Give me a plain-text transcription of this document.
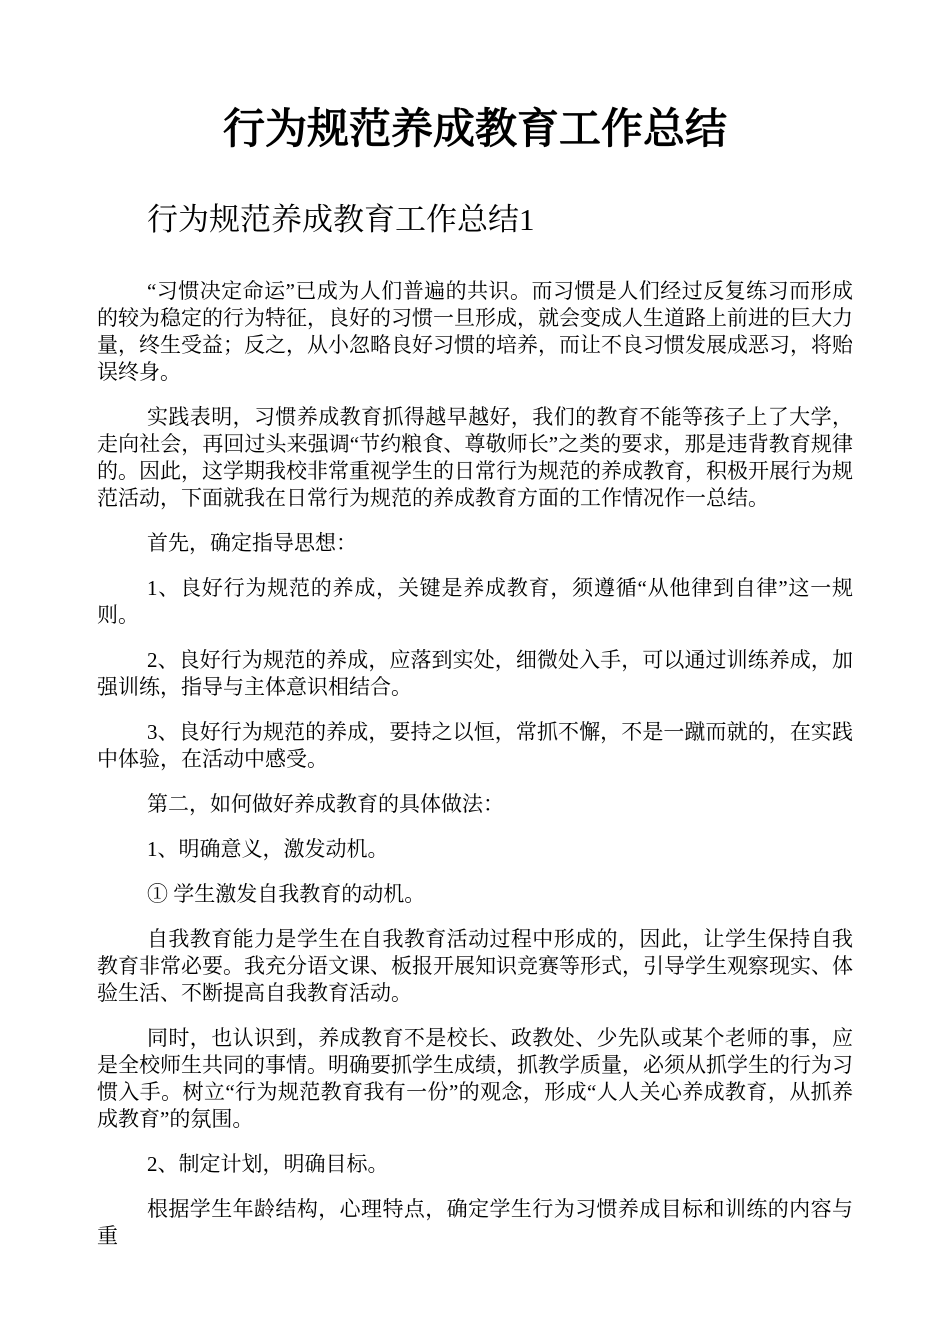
行为规范养成教育工作总结
行为规范养成教育工作总结1

“习惯决定命运”已成为人们普遍的共识。而习惯是人们经过反复练习而形成的较为稳定的行为特征，良好的习惯一旦形成，就会变成人生道路上前进的巨大力量，终生受益；反之，从小忽略良好习惯的培养，而让不良习惯发展成恶习，将贻误终身。

实践表明，习惯养成教育抓得越早越好，我们的教育不能等孩子上了大学，走向社会，再回过头来强调“节约粮食、尊敬师长”之类的要求，那是违背教育规律的。因此，这学期我校非常重视学生的日常行为规范的养成教育，积极开展行为规范活动，下面就我在日常行为规范的养成教育方面的工作情况作一总结。

首先，确定指导思想：

1、良好行为规范的养成，关键是养成教育，须遵循“从他律到自律”这一规则。

2、良好行为规范的养成，应落到实处，细微处入手，可以通过训练养成，加强训练，指导与主体意识相结合。

3、良好行为规范的养成，要持之以恒，常抓不懈，不是一蹴而就的，在实践中体验，在活动中感受。

第二，如何做好养成教育的具体做法：

1、明确意义，激发动机。

① 学生激发自我教育的动机。

自我教育能力是学生在自我教育活动过程中形成的，因此，让学生保持自我教育非常必要。我充分语文课、板报开展知识竞赛等形式，引导学生观察现实、体验生活、不断提高自我教育活动。

同时，也认识到，养成教育不是校长、政教处、少先队或某个老师的事，应是全校师生共同的事情。明确要抓学生成绩，抓教学质量，必须从抓学生的行为习惯入手。树立“行为规范教育我有一份”的观念，形成“人人关心养成教育，从抓养成教育”的氛围。

2、制定计划，明确目标。

根据学生年龄结构，心理特点，确定学生行为习惯养成目标和训练的内容与重
